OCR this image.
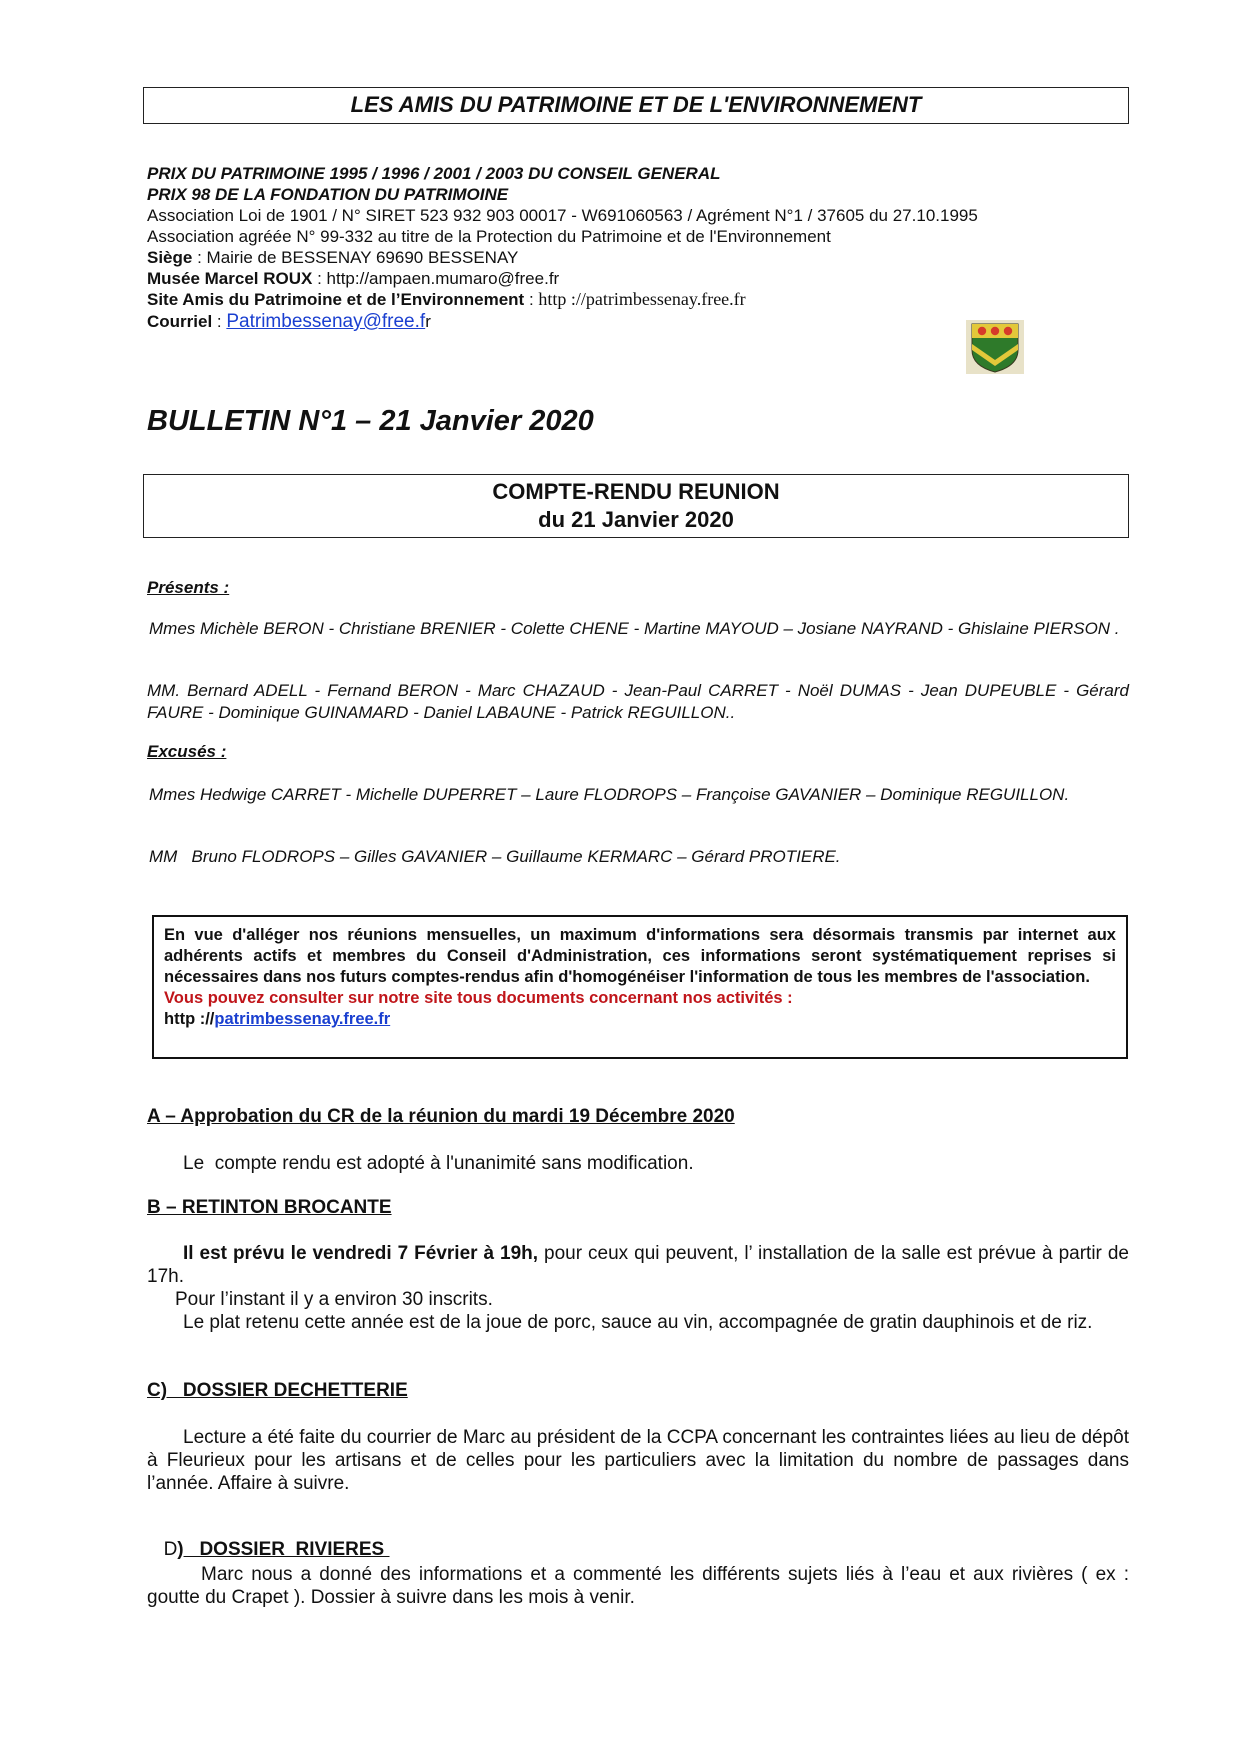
LES AMIS DU PATRIMOINE ET DE L'ENVIRONNEMENT
PRIX DU PATRIMOINE 1995 / 1996 / 2001 / 2003 DU CONSEIL GENERAL
PRIX 98 DE LA FONDATION DU PATRIMOINE
Association Loi de 1901 / N° SIRET 523 932 903 00017 - W691060563 / Agrément N°1 / 37605 du 27.10.1995
Association agréée N° 99-332 au titre de la Protection du Patrimoine et de l'Environnement
Siège : Mairie de BESSENAY 69690 BESSENAY
Musée Marcel ROUX : http://ampaen.mumaro@free.fr
Site Amis du Patrimoine et de l’Environnement : http ://patrimbessenay.free.fr
Courriel : Patrimbessenay@free.fr
BULLETIN N°1 – 21 Janvier 2020
COMPTE-RENDU REUNION
du 21 Janvier 2020
Présents :
Mmes Michèle BERON - Christiane BRENIER - Colette CHENE - Martine MAYOUD – Josiane NAYRAND - Ghislaine PIERSON .
MM. Bernard ADELL - Fernand BERON - Marc CHAZAUD - Jean-Paul CARRET - Noël DUMAS - Jean DUPEUBLE - Gérard FAURE - Dominique GUINAMARD - Daniel LABAUNE - Patrick REGUILLON..
Excusés :
Mmes Hedwige CARRET - Michelle DUPERRET – Laure FLODROPS – Françoise GAVANIER – Dominique REGUILLON.
MM   Bruno FLODROPS – Gilles GAVANIER – Guillaume KERMARC – Gérard PROTIERE.
En vue d'alléger nos réunions mensuelles, un maximum d'informations sera désormais transmis par internet aux adhérents actifs et membres du Conseil d'Administration, ces informations seront systématiquement reprises si nécessaires dans nos futurs comptes-rendus afin d'homogénéiser l'information de tous les membres de l'association.
Vous pouvez consulter sur notre site tous documents concernant nos activités :
http ://patrimbessenay.free.fr
A – Approbation du CR de la réunion du mardi 19 Décembre 2020
Le  compte rendu est adopté à l'unanimité sans modification.
B – RETINTON BROCANTE
Il est prévu le vendredi 7 Février à 19h, pour ceux qui peuvent, l’ installation de la salle est prévue à partir de 17h.
Pour l’instant il y a environ 30 inscrits.
Le plat retenu cette année est de la joue de porc, sauce au vin, accompagnée de gratin dauphinois et de riz.
C)   DOSSIER DECHETTERIE
Lecture a été faite du courrier de Marc au président de la CCPA concernant les contraintes liées au lieu de dépôt à Fleurieux pour les artisans et de celles pour les particuliers avec la limitation du nombre de passages dans l’année. Affaire à suivre.

D)   DOSSIER  RIVIERES

Marc nous a donné des informations et a commenté les différents sujets liés à l’eau et aux rivières ( ex : goutte du Crapet ). Dossier à suivre dans les mois à venir.
